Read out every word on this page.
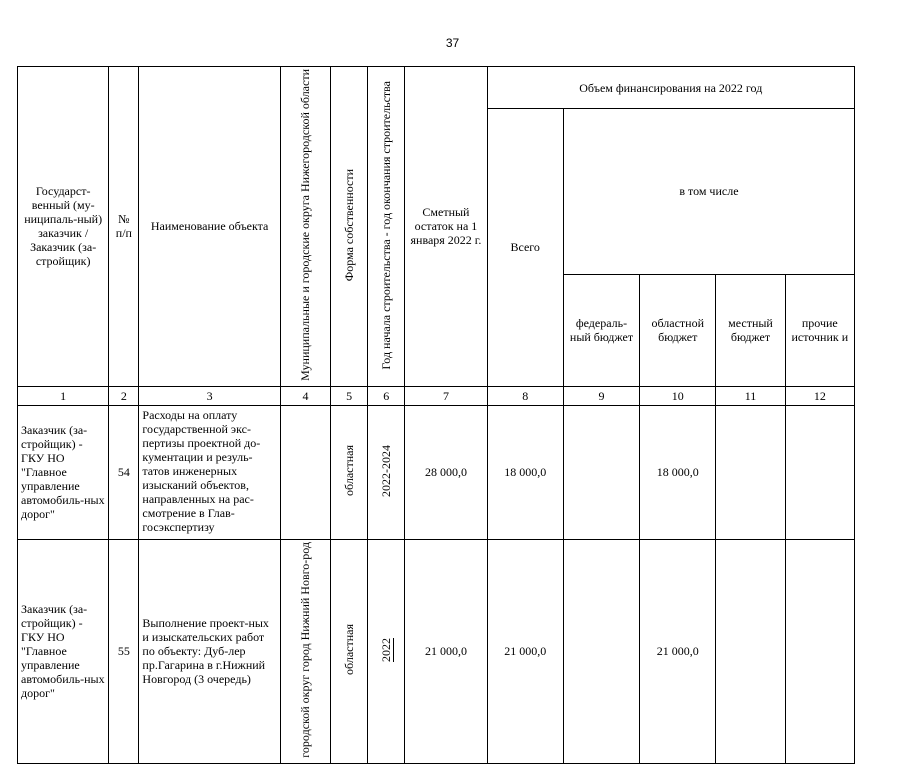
37
Государст-венный (му-ниципаль-ный) заказчик / Заказчик (за-стройщик)	№ п/п	Наименование объекта	Муниципальные и городские округа Нижегородской области	Форма собственности	Год начала строительства - год окончания строительства	Сметный остаток на 1 января 2022 г.	Объем финансирования на 2022 год				
							Всего	в том числе			
								федераль-ный бюджет	областной бюджет	местный бюджет	прочие источник и
1	2	3	4	5	6	7	8	9	10	11	12
Заказчик (за-стройщик) - ГКУ НО "Главное управление автомобиль-ных дорог"	54	Расходы на оплату государственной экс-пертизы проектной до-кументации и резуль-татов инженерных изысканий объектов, направленных на рас-смотрение в Глав-госэкспертизу		областная	2022-2024	28 000,0	18 000,0		18 000,0		
Заказчик (за-стройщик) - ГКУ НО "Главное управление автомобиль-ных дорог"	55	Выполнение проект-ных и изыскательских работ по объекту: Дуб-лер пр.Гагарина в г.Нижний Новгород (3 очередь)	городской округ город Нижний Новго-род	областная	2022	21 000,0	21 000,0		21 000,0		
